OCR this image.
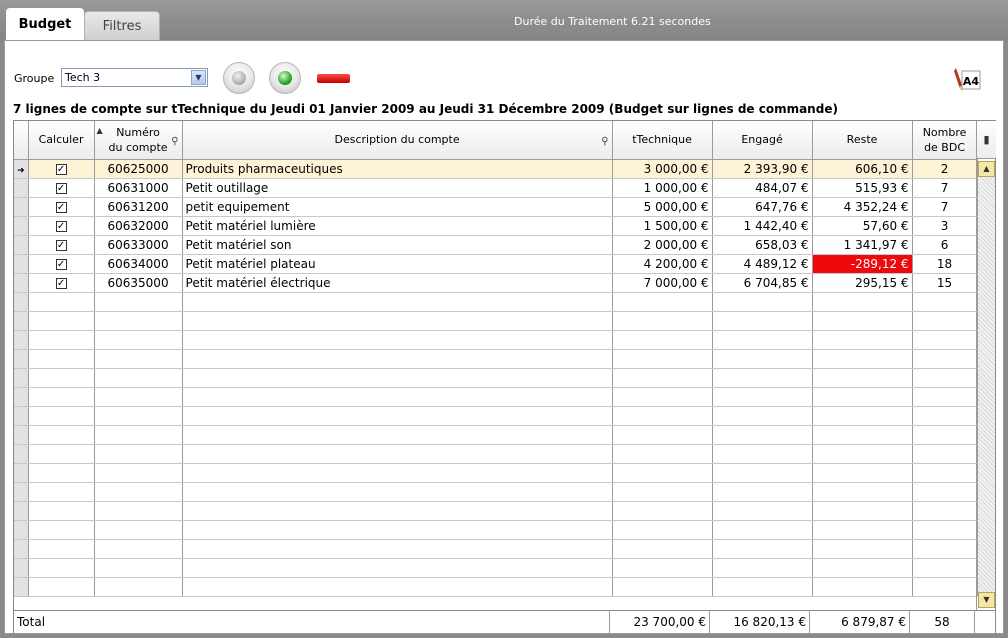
Budget	Filtres	Durée du Traitement 6.21 secondes
Groupe Tech 3	▼	A4
7 lignes de compte sur tTechnique du Jeudi 01 Janvier 2009 au Jeudi 31 Décembre 2009 (Budget sur lignes de commande)
	Calculer	▲ Numéro
du compte ⚲	Description du compte ⚲	tTechnique	Engagé	Reste	Nombre
de BDC
➜	✓	60625000	Produits pharmaceutiques	3 000,00 €	2 393,90 €	606,10 €	2
	✓	60631000	Petit outillage	1 000,00 €	484,07 €	515,93 €	7
	✓	60631200	petit equipement	5 000,00 €	647,76 €	4 352,24 €	7
	✓	60632000	Petit matériel lumière	1 500,00 €	1 442,40 €	57,60 €	3
	✓	60633000	Petit matériel son	2 000,00 €	658,03 €	1 341,97 €	6
	✓	60634000	Petit matériel plateau	4 200,00 €	4 489,12 €	-289,12 €	18
	✓	60635000	Petit matériel électrique	7 000,00 €	6 704,85 €	295,15 €	15

▮
▲
▼
Total	23 700,00 €	16 820,13 €	6 879,87 €	58
